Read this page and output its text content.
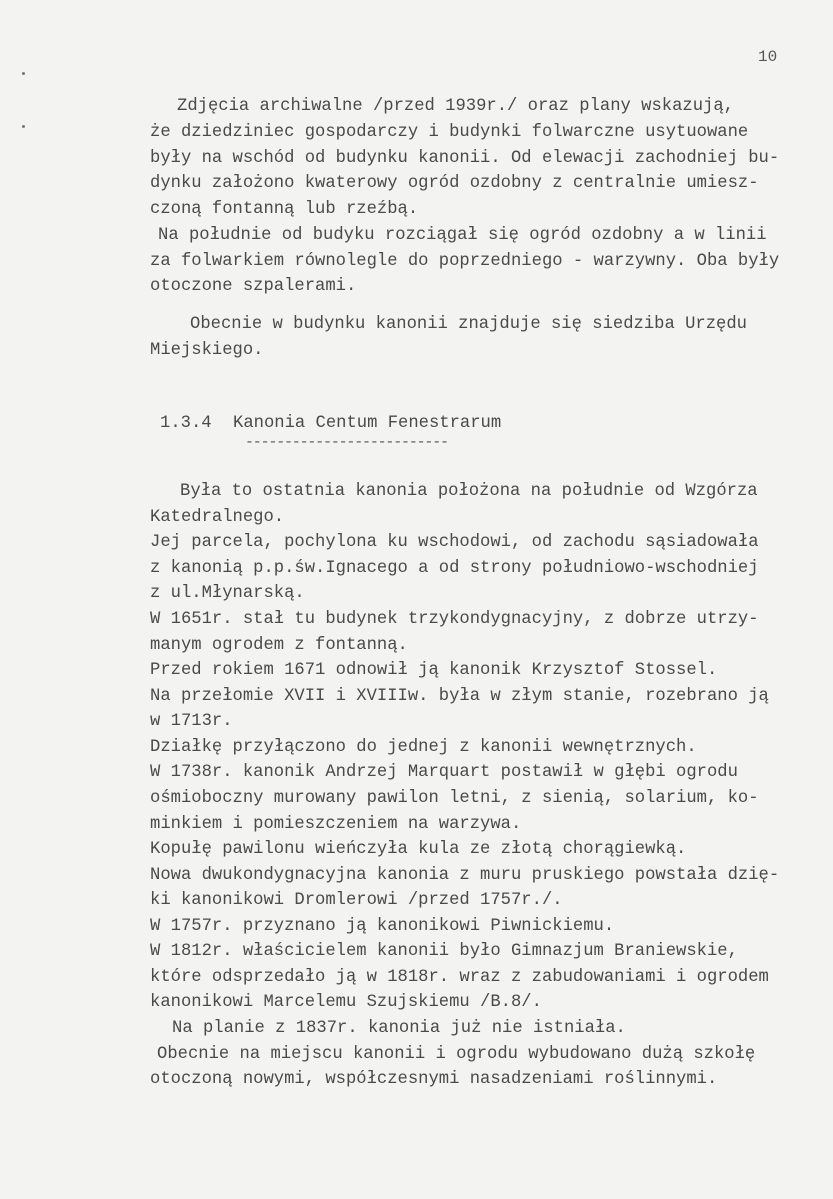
10
Zdjęcia archiwalne /przed 1939r./ oraz plany wskazują,
że dziedziniec gospodarczy i budynki folwarczne usytuowane
były na wschód od budynku kanonii. Od elewacji zachodniej bu-
dynku założono kwaterowy ogród ozdobny z centralnie umiesz-
czoną fontanną lub rzeźbą.
Na południe od budyku rozciągał się ogród ozdobny a w linii
za folwarkiem równolegle do poprzedniego - warzywny. Oba były
otoczone szpalerami.
Obecnie w budynku kanonii znajduje się siedziba Urzędu
Miejskiego.
1.3.4 Kanonia Centum Fenestrarum
--------------------------
Była to ostatnia kanonia położona na południe od Wzgórza
Katedralnego.
Jej parcela, pochylona ku wschodowi, od zachodu sąsiadowała
z kanonią p.p.św.Ignacego a od strony południowo-wschodniej
z ul.Młynarską.
W 1651r. stał tu budynek trzykondygnacyjny, z dobrze utrzy-
manym ogrodem z fontanną.
Przed rokiem 1671 odnowił ją kanonik Krzysztof Stossel.
Na przełomie XVII i XVIIIw. była w złym stanie, rozebrano ją
w 1713r.
Działkę przyłączono do jednej z kanonii wewnętrznych.
W 1738r. kanonik Andrzej Marquart postawił w głębi ogrodu
ośmioboczny murowany pawilon letni, z sienią, solarium, ko-
minkiem i pomieszczeniem na warzywa.
Kopułę pawilonu wieńczyła kula ze złotą chorągiewką.
Nowa dwukondygnacyjna kanonia z muru pruskiego powstała dzię-
ki kanonikowi Dromlerowi /przed 1757r./.
W 1757r. przyznano ją kanonikowi Piwnickiemu.
W 1812r. właścicielem kanonii było Gimnazjum Braniewskie,
które odsprzedało ją w 1818r. wraz z zabudowaniami i ogrodem
kanonikowi Marcelemu Szujskiemu /B.8/.
Na planie z 1837r. kanonia już nie istniała.
Obecnie na miejscu kanonii i ogrodu wybudowano dużą szkołę
otoczoną nowymi, współczesnymi nasadzeniami roślinnymi.
